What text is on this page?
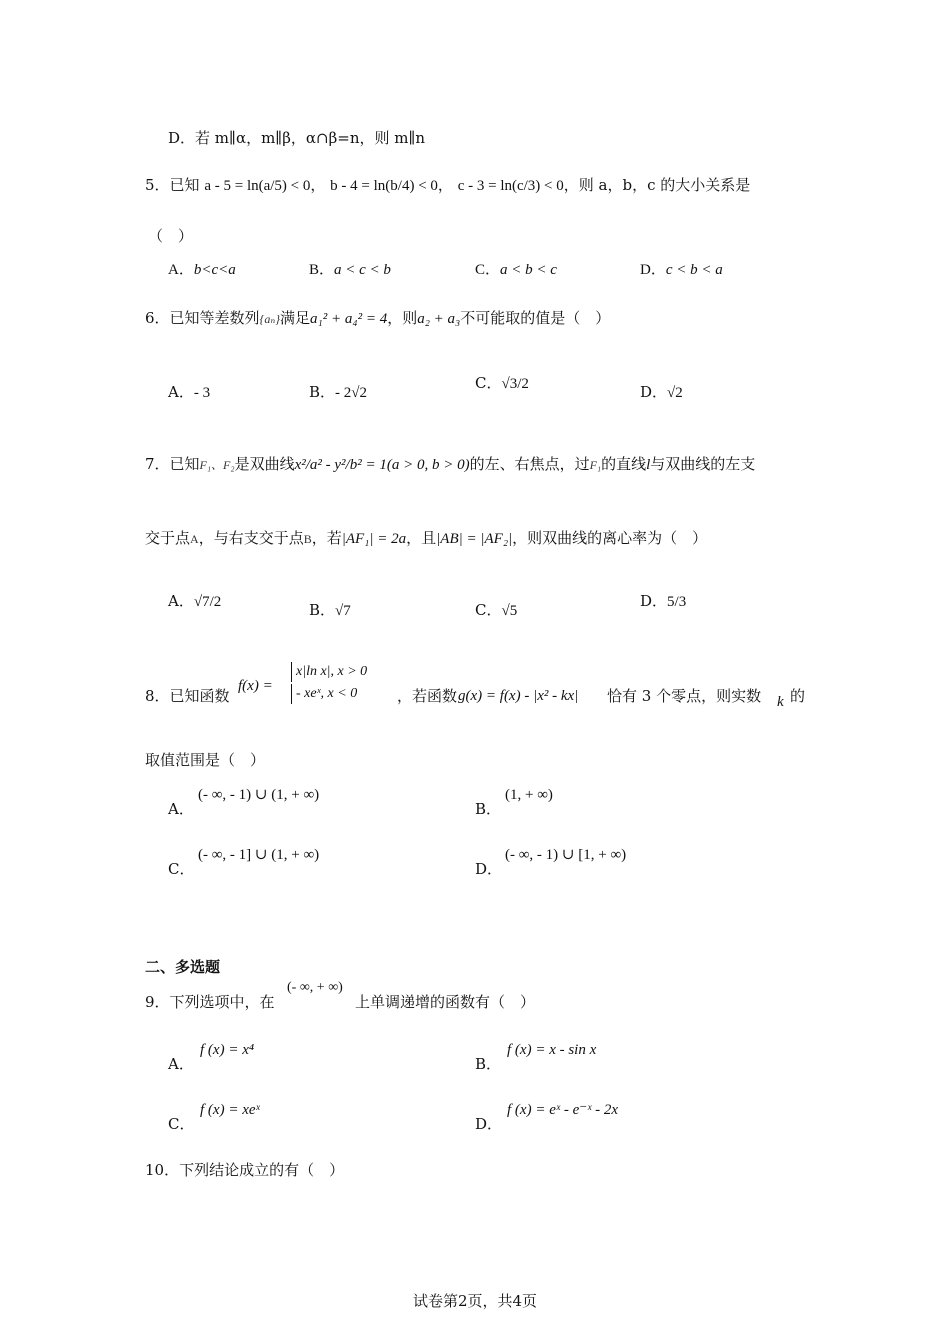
D．若 m∥α，m∥β，α∩β=n，则 m∥n
5．已知 a - 5 = ln(a/5) < 0， b - 4 = ln(b/4) < 0， c - 3 = ln(c/3) < 0，则 a，b，c 的大小关系是
（　）
A．b<c<a	B．a < c < b	C．a < b < c	D．c < b < a
6．已知等差数列{aₙ}满足a₁² + a₄² = 4，则a₂ + a₃不可能取的值是（　）
A．- 3	B．- 2√2
C．√3/2	D．√2
7．已知F₁、F₂是双曲线x²/a² - y²/b² = 1(a > 0, b > 0)的左、右焦点，过F₁的直线l与双曲线的左支
交于点A，与右支交于点B，若|AF₁| = 2a，且|AB| = |AF₂|，则双曲线的离心率为（　）
A．√7/2	B．√7	C．√5
D．5/3
8．已知函数
f(x) =
x|ln x|, x > 0
- xeˣ, x < 0	，若函数 g(x) = f(x) - |x² - kx| 恰有 3 个零点，则实数 k 的
取值范围是（　）
A．
(- ∞, - 1) ∪ (1, + ∞)
B．
(1, + ∞)
C．
(- ∞, - 1] ∪ (1, + ∞)
D．
(- ∞, - 1) ∪ [1, + ∞)
二、多选题
9．下列选项中，在
(- ∞, + ∞)
上单调递增的函数有（　）
A．
f (x) = x⁴
B．
f (x) = x - sin x
C．
f (x) = xeˣ
D．
f (x) = eˣ - e⁻ˣ - 2x
10．下列结论成立的有（　）
试卷第2页，共4页
